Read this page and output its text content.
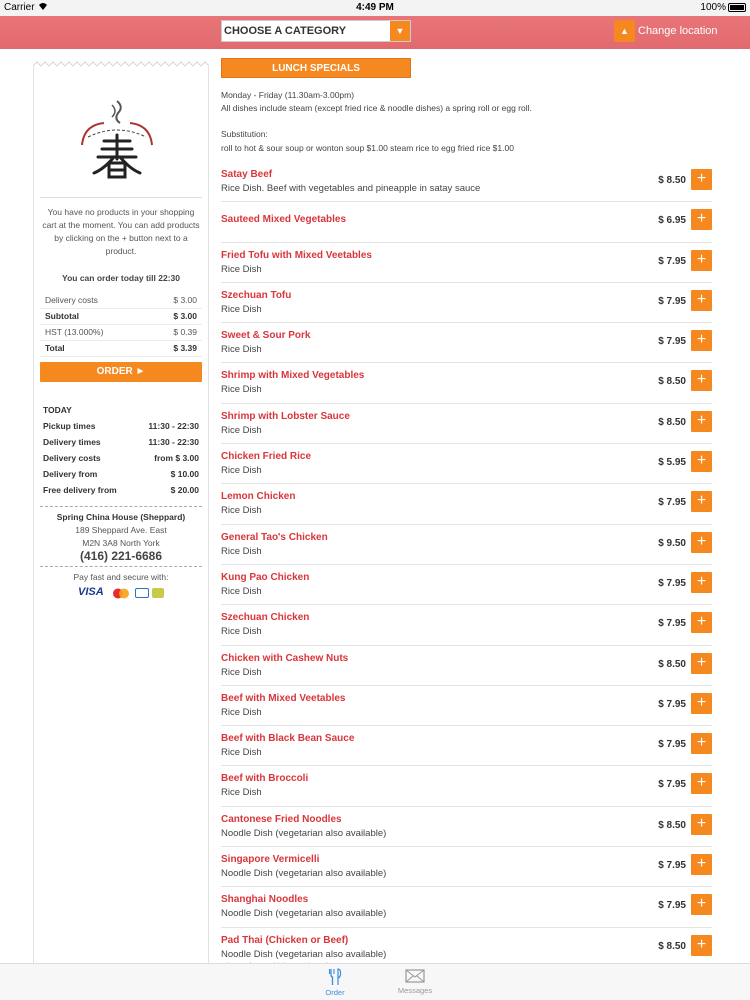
Carrier	4:49 PM	100%
CHOOSE A CATEGORY	▼	▲ Change location
You have no products in your shopping cart at the moment. You can add products by clicking on the + button next to a product.
You can order today till 22:30
Delivery costs	$ 3.00
Subtotal	$ 3.00
HST (13.000%)	$ 0.39
Total	$ 3.39
ORDER ►
TODAY
Pickup times	11:30 - 22:30
Delivery times	11:30 - 22:30
Delivery costs	from $ 3.00
Delivery from	$ 10.00
Free delivery from	$ 20.00
Spring China House (Sheppard)
189 Sheppard Ave. East
M2N 3A8 North York
(416) 221-6686
Pay fast and secure with:
VISA
LUNCH SPECIALS
Monday - Friday (11.30am-3.00pm)
All dishes include steam (except fried rice & noodle dishes) a spring roll or egg roll.
Substitution:
roll to hot & sour soup or wonton soup $1.00 steam rice to egg fried rice $1.00
Satay Beef
Rice Dish. Beef with vegetables and pineapple in satay sauce
$ 8.50 +
Sauteed Mixed Vegetables	$ 6.95 +
Fried Tofu with Mixed Veetables
Rice Dish
$ 7.95 +
Szechuan Tofu
Rice Dish
$ 7.95 +
Sweet & Sour Pork
Rice Dish
$ 7.95 +
Shrimp with Mixed Vegetables
Rice Dish
$ 8.50 +
Shrimp with Lobster Sauce
Rice Dish
$ 8.50 +
Chicken Fried Rice
Rice Dish
$ 5.95 +
Lemon Chicken
Rice Dish
$ 7.95 +
General Tao's Chicken
Rice Dish
$ 9.50 +
Kung Pao Chicken
Rice Dish
$ 7.95 +
Szechuan Chicken
Rice Dish
$ 7.95 +
Chicken with Cashew Nuts
Rice Dish
$ 8.50 +
Beef with Mixed Veetables
Rice Dish
$ 7.95 +
Beef with Black Bean Sauce
Rice Dish
$ 7.95 +
Beef with Broccoli
Rice Dish
$ 7.95 +
Cantonese Fried Noodles
Noodle Dish (vegetarian also available)
$ 8.50 +
Singapore Vermicelli
Noodle Dish (vegetarian also available)
$ 7.95 +
Shanghai Noodles
Noodle Dish (vegetarian also available)
$ 7.95 +
Pad Thai (Chicken or Beef)
Noodle Dish (vegetarian also available)
$ 8.50 +
Order	Messages
